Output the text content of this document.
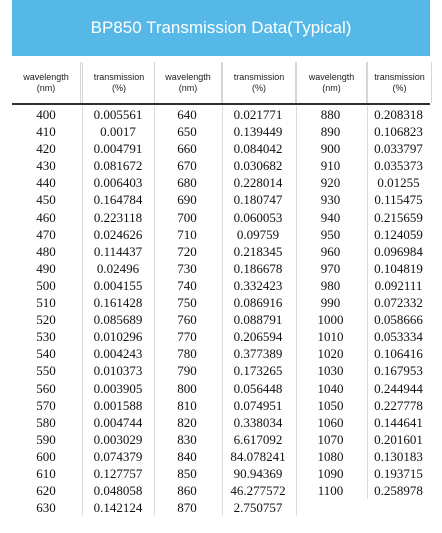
BP850 Transmission Data(Typical)
wavelength
(nm)
transmission
(%)
wavelength
(nm)
transmission
(%)
wavelength
(nm)
transmission
(%)
400
410
420
430
440
450
460
470
480
490
500
510
520
530
540
550
560
570
580
590
600
610
620
630
0.005561
0.0017
0.004791
0.081672
0.006403
0.164784
0.223118
0.024626
0.114437
0.02496
0.004155
0.161428
0.085689
0.010296
0.004243
0.010373
0.003905
0.001588
0.004744
0.003029
0.074379
0.127757
0.048058
0.142124
640
650
660
670
680
690
700
710
720
730
740
750
760
770
780
790
800
810
820
830
840
850
860
870
0.021771
0.139449
0.084042
0.030682
0.228014
0.180747
0.060053
0.09759
0.218345
0.186678
0.332423
0.086916
0.088791
0.206594
0.377389
0.173265
0.056448
0.074951
0.338034
6.617092
84.078241
90.94369
46.277572
2.750757
880
890
900
910
920
930
940
950
960
970
980
990
1000
1010
1020
1030
1040
1050
1060
1070
1080
1090
1100
0.208318
0.106823
0.033797
0.035373
0.01255
0.115475
0.215659
0.124059
0.096984
0.104819
0.092111
0.072332
0.058666
0.053334
0.106416
0.167953
0.244944
0.227778
0.144641
0.201601
0.130183
0.193715
0.258978
